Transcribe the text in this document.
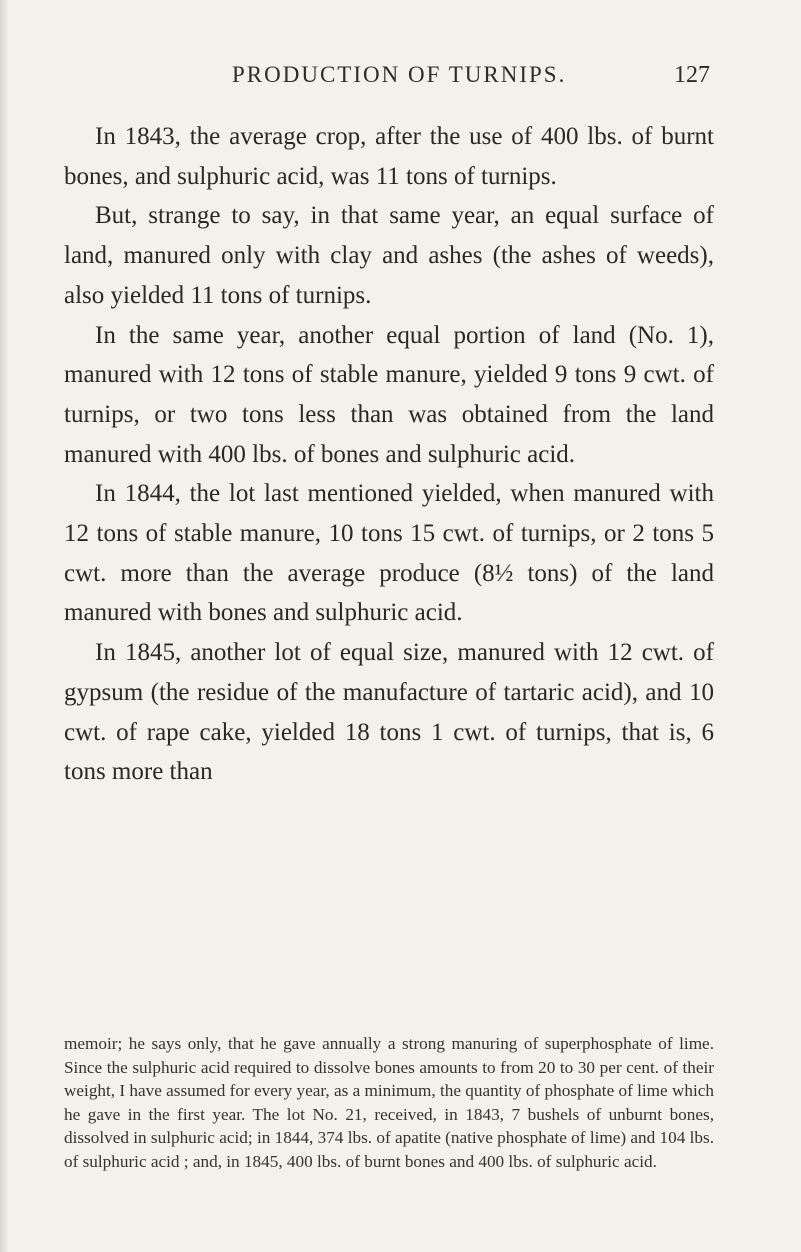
PRODUCTION OF TURNIPS.	127

In 1843, the average crop, after the use of 400 lbs. of burnt bones, and sulphuric acid, was 11 tons of turnips.

But, strange to say, in that same year, an equal surface of land, manured only with clay and ashes (the ashes of weeds), also yielded 11 tons of turnips.

In the same year, another equal portion of land (No. 1), manured with 12 tons of stable manure, yielded 9 tons 9 cwt. of turnips, or two tons less than was obtained from the land manured with 400 lbs. of bones and sulphuric acid.

In 1844, the lot last mentioned yielded, when manured with 12 tons of stable manure, 10 tons 15 cwt. of turnips, or 2 tons 5 cwt. more than the average produce (8½ tons) of the land manured with bones and sulphuric acid.

In 1845, another lot of equal size, manured with 12 cwt. of gypsum (the residue of the manufacture of tartaric acid), and 10 cwt. of rape cake, yielded 18 tons 1 cwt. of turnips, that is, 6 tons more than

memoir; he says only, that he gave annually a strong manuring of superphosphate of lime. Since the sulphuric acid required to dissolve bones amounts to from 20 to 30 per cent. of their weight, I have assumed for every year, as a minimum, the quantity of phosphate of lime which he gave in the first year. The lot No. 21, received, in 1843, 7 bushels of unburnt bones, dissolved in sulphuric acid; in 1844, 374 lbs. of apatite (native phosphate of lime) and 104 lbs. of sulphuric acid ; and, in 1845, 400 lbs. of burnt bones and 400 lbs. of sulphuric acid.
